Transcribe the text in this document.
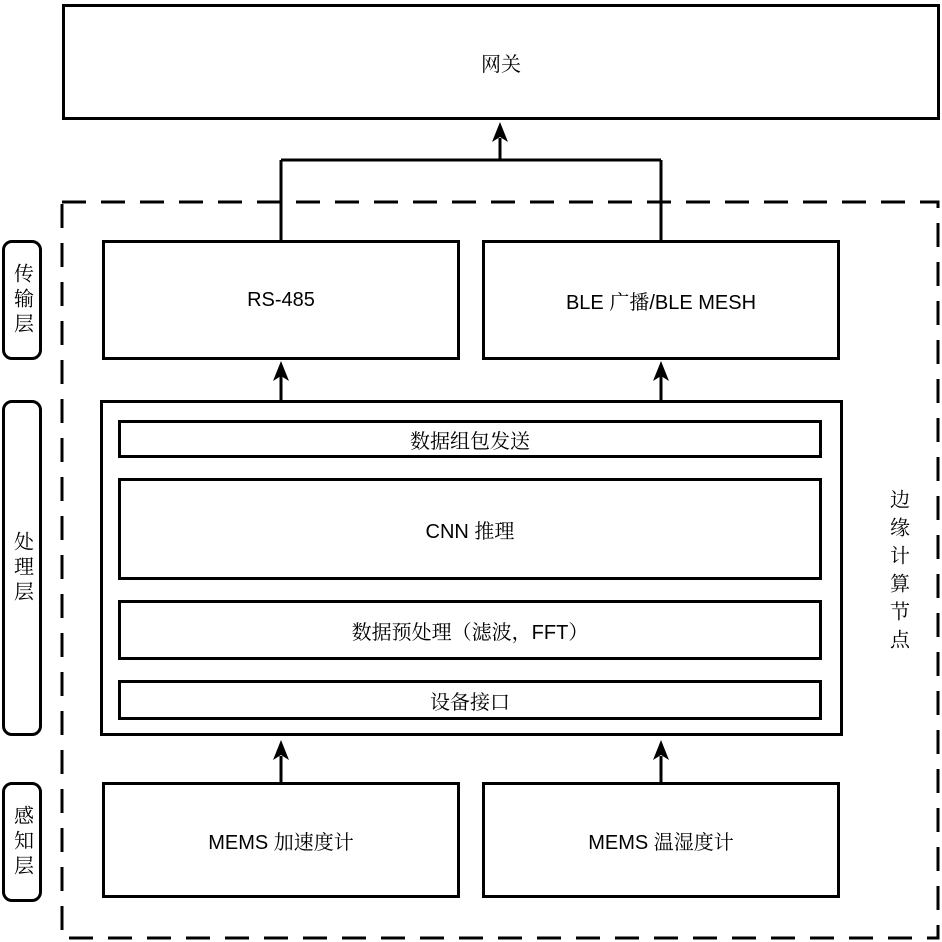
网关
传输层
处理层
感知层
RS-485	BLE 广播/BLE MESH
数据组包发送
CNN 推理
数据预处理（滤波，FFT）
设备接口
MEMS 加速度计	MEMS 温湿度计
边缘计算节点
